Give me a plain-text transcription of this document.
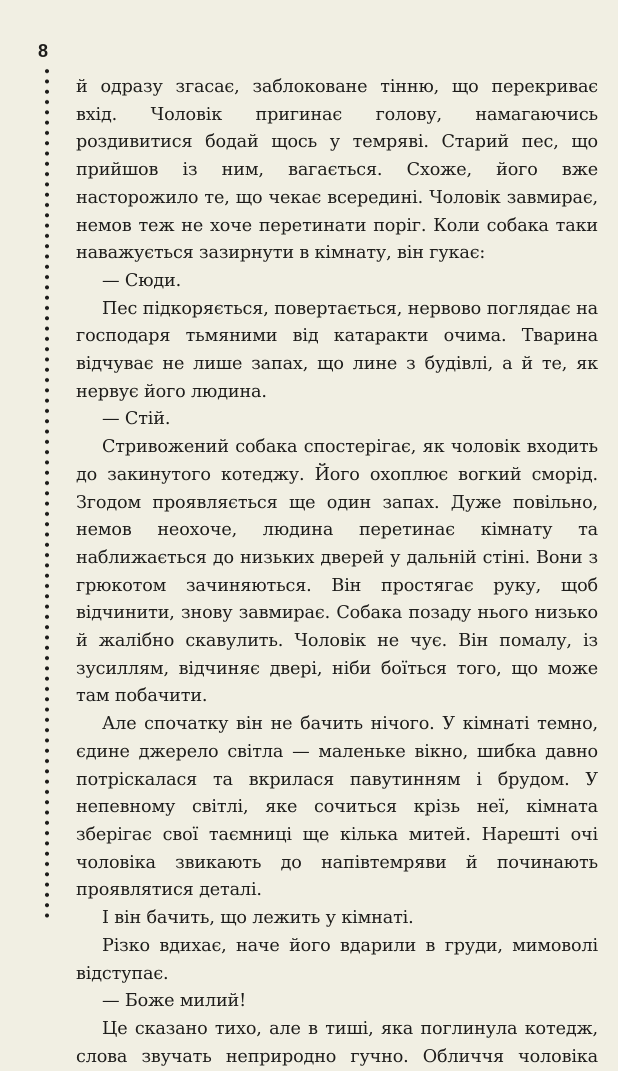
8

й одразу згасає, заблоковане тінню, що перекриває вхід. Чоловік пригинає голову, намагаючись роздивитися бодай щось у темряві. Старий пес, що прийшов із ним, вагається. Схоже, його вже насторожило те, що чекає всередині. Чоловік завмирає, немов теж не хоче перетинати поріг. Коли собака таки наважується зазирнути в кімнату, він гукає:

— Сюди.

Пес підкоряється, повертається, нервово поглядає на господаря тьмяними від катаракти очима. Тварина відчуває не лише запах, що лине з будівлі, а й те, як нервує його людина.

— Стій.

Стривожений собака спостерігає, як чоловік входить до закинутого котеджу. Його охоплює вогкий сморід. Згодом проявляється ще один запах. Дуже повільно, немов неохоче, людина перетинає кімнату та наближається до низьких дверей у дальній стіні. Вони з грюкотом зачиняються. Він простягає руку, щоб відчинити, знову завмирає. Собака позаду нього низько й жалібно скавулить. Чоловік не чує. Він помалу, із зусиллям, відчиняє двері, ніби боїться того, що може там побачити.

Але спочатку він не бачить нічого. У кімнаті темно, єдине джерело світла — маленьке вікно, шибка давно потріскалася та вкрилася павутинням і брудом. У непевному світлі, яке сочиться крізь неї, кімната зберігає свої таємниці ще кілька митей. Нарешті очі чоловіка звикають до напівтемряви й починають проявлятися деталі.

І він бачить, що лежить у кімнаті.

Різко вдихає, наче його вдарили в груди, мимоволі відступає.

— Боже милий!

Це сказано тихо, але в тиші, яка поглинула котедж, слова звучать неприродно гучно. Обличчя чоловіка
